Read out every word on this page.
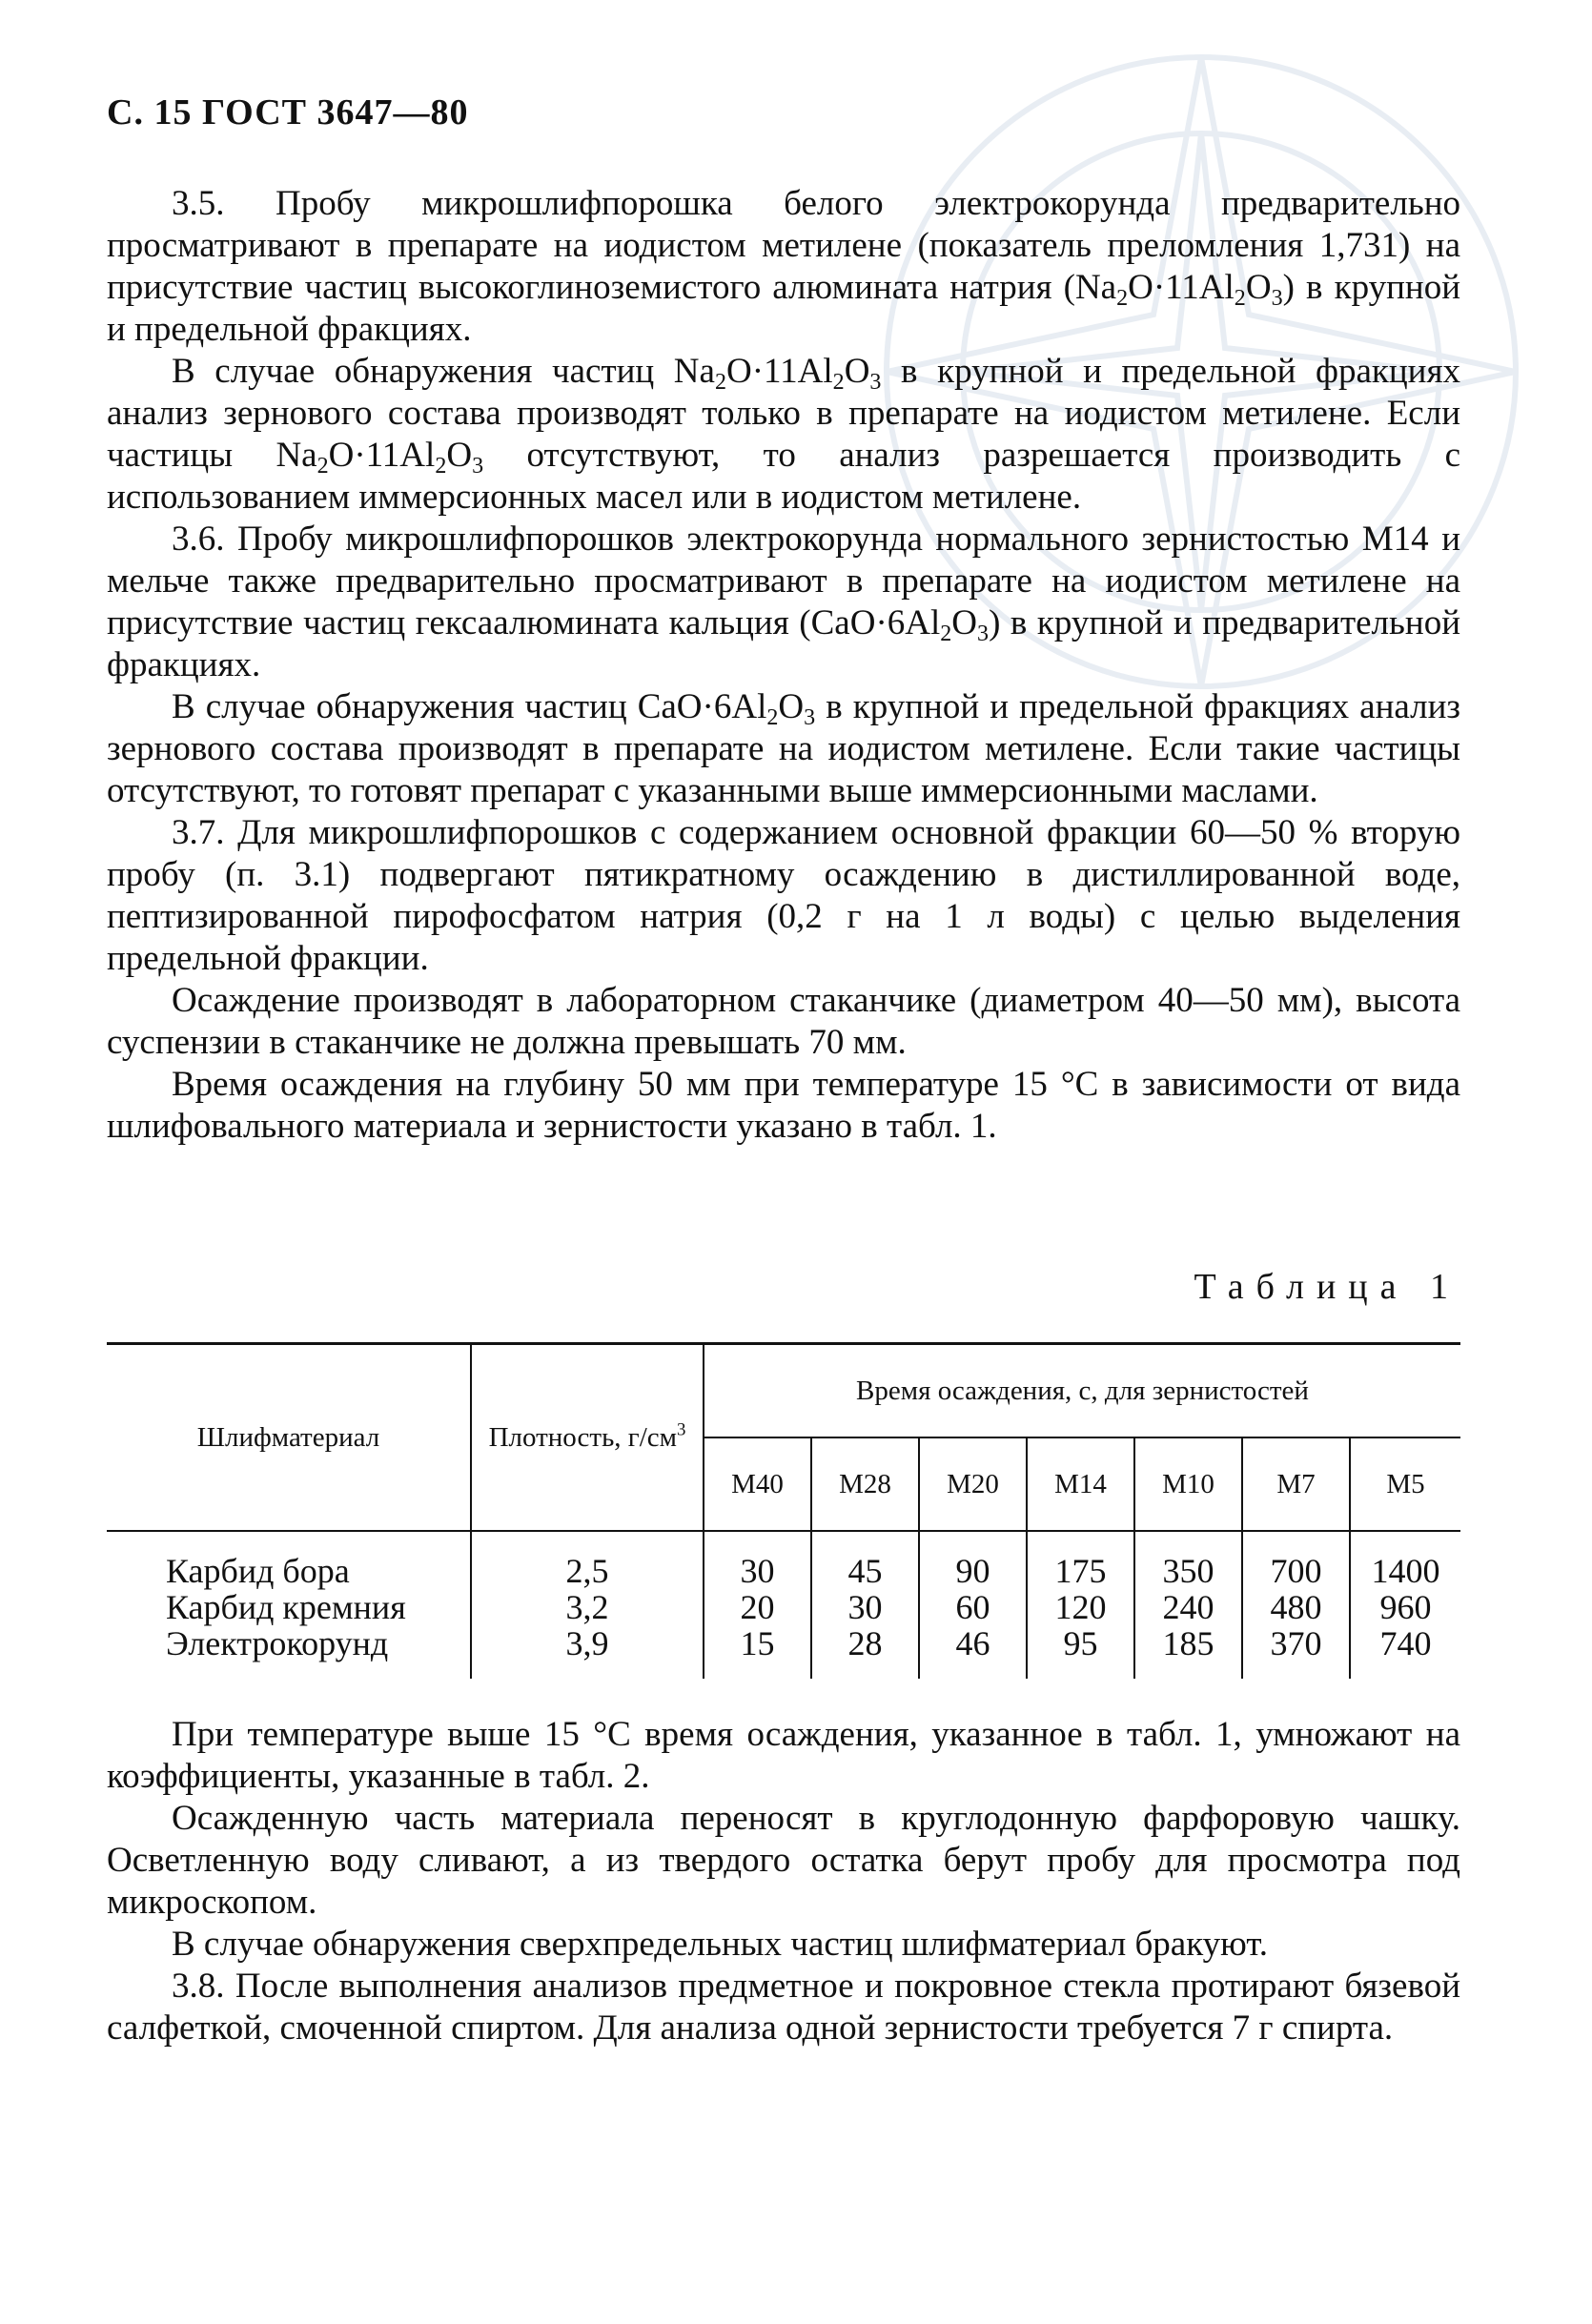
С. 15 ГОСТ 3647—80

3.5. Пробу микрошлифпорошка белого электрокорунда предварительно просматривают в препарате на иодистом метилене (показатель преломления 1,731) на присутствие частиц высокоглиноземистого алюмината натрия $(Na_2O\cdot 11Al_2O_3)$ в крупной и предельной фракциях.

В случае обнаружения частиц $Na_2O\cdot 11Al_2O_3$ в крупной и предельной фракциях анализ зернового состава производят только в препарате на иодистом метилене. Если частицы $Na_2O\cdot 11Al_2O_3$ отсутствуют, то анализ разрешается производить с использованием иммерсионных масел или в иодистом метилене.

3.6. Пробу микрошлифпорошков электрокорунда нормального зернистостью М14 и мельче также предварительно просматривают в препарате на иодистом метилене на присутствие частиц гексаалюмината кальция $(CaO\cdot 6Al_2O_3)$ в крупной и предварительной фракциях.

В случае обнаружения частиц $CaO\cdot 6Al_2O_3$ в крупной и предельной фракциях анализ зернового состава производят в препарате на иодистом метилене. Если такие частицы отсутствуют, то готовят препарат с указанными выше иммерсионными маслами.

3.7. Для микрошлифпорошков с содержанием основной фракции 60—50 % вторую пробу (п. 3.1) подвергают пятикратному осаждению в дистиллированной воде, пептизированной пирофосфатом натрия (0,2 г на 1 л воды) с целью выделения предельной фракции.

Осаждение производят в лабораторном стаканчике (диаметром 40—50 мм), высота суспензии в стаканчике не должна превышать 70 мм.

Время осаждения на глубину 50 мм при температуре 15 °С в зависимости от вида шлифовального материала и зернистости указано в табл. 1.

Таблица 1
Шлифматериал	Плотность, $г/см^3$	Время осаждения, с, для зернистостей						
		М40	М28	М20	М14	М10	М7	М5
Карбид бора	2,5	30	45	90	175	350	700	1400
Карбид кремния	3,2	20	30	60	120	240	480	960
Электрокорунд	3,9	15	28	46	95	185	370	740

При температуре выше 15 °С время осаждения, указанное в табл. 1, умножают на коэффициенты, указанные в табл. 2.

Осажденную часть материала переносят в круглодонную фарфоровую чашку. Осветленную воду сливают, а из твердого остатка берут пробу для просмотра под микроскопом.

В случае обнаружения сверхпредельных частиц шлифматериал бракуют.

3.8. После выполнения анализов предметное и покровное стекла протирают бязевой салфеткой, смоченной спиртом. Для анализа одной зернистости требуется 7 г спирта.
